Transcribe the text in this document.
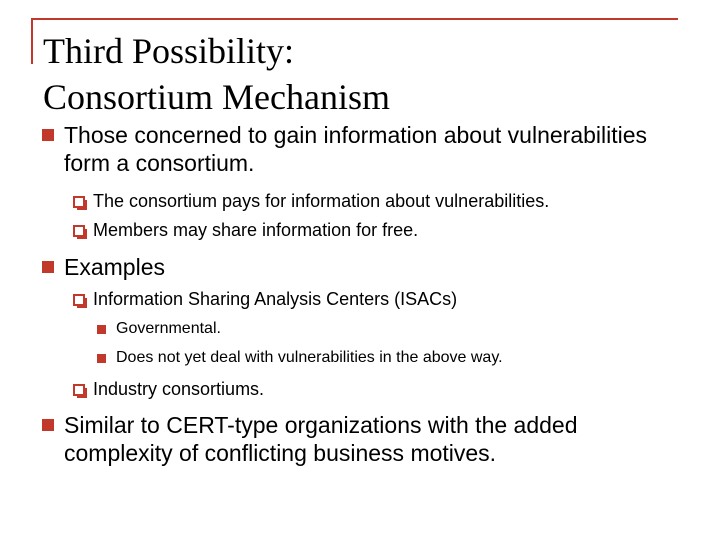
Third Possibility:
Consortium Mechanism
Those concerned to gain information about vulnerabilities form a consortium.
The consortium pays for information about vulnerabilities.
Members may share information for free.
Examples
Information Sharing Analysis Centers (ISACs)
Governmental.
Does not yet deal with vulnerabilities in the above way.
Industry consortiums.
Similar to CERT-type organizations with the added complexity of conflicting business motives.
